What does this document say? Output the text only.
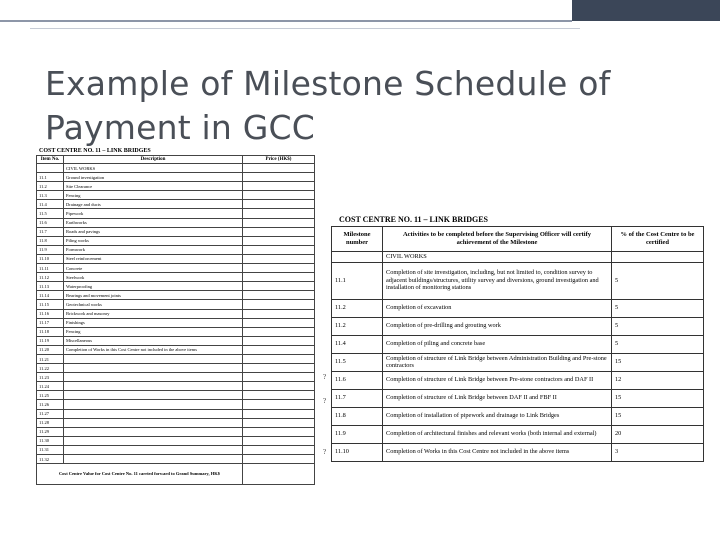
Example of Milestone Schedule of Payment in GCC
COST CENTRE NO. 11 – LINK BRIDGES
Item No.	Description	Price (HK$)
	CIVIL WORKS	
11.1	Ground investigation	
11.2	Site Clearance	
11.3	Fencing	
11.4	Drainage and ducts	
11.5	Pipework	
11.6	Earthworks	
11.7	Roads and pavings	
11.8	Piling works	
11.9	Formwork	
11.10	Steel reinforcement	
11.11	Concrete	
11.12	Steelwork	
11.13	Waterproofing	
11.14	Bearings and movement joints	
11.15	Geotechnical works	
11.16	Brickwork and masonry	
11.17	Finishings	
11.18	Fencing	
11.19	Miscellaneous	
11.20	Completion of Works in this Cost Centre not included in the above items	
11.21		
11.22		
11.23		
11.24		
11.25		
11.26		
11.27		
11.28		
11.29		
11.30		
11.31		
11.32		
Cost Centre Value for Cost Centre No. 11 carried forward to Grand Summary, HK$		
COST CENTRE NO. 11 – LINK BRIDGES
Milestone number	Activities to be completed before the Supervising Officer will certify achievement of the Milestone	% of the Cost Centre to be certified
	CIVIL WORKS	
11.1	Completion of site investigation, including, but not limited to, condition survey to adjacent buildings/structures, utility survey and diversions, ground investigation and installation of monitoring stations	5
11.2	Completion of excavation	5
11.2	Completion of pre-drilling and grouting work	5
11.4	Completion of piling and concrete base	5
11.5	Completion of structure of Link Bridge between Administration Building and Pre-stone contractors	15
11.6	Completion of structure of Link Bridge between Pre-stone contractors and DAF II	12
11.7	Completion of structure of Link Bridge between DAF II and FBF II	15
11.8	Completion of installation of pipework and drainage to Link Bridges	15
11.9	Completion of architectural finishes and relevant works (both internal and external)	20
11.10	Completion of Works in this Cost Centre not included in the above items	3
?
?
?
